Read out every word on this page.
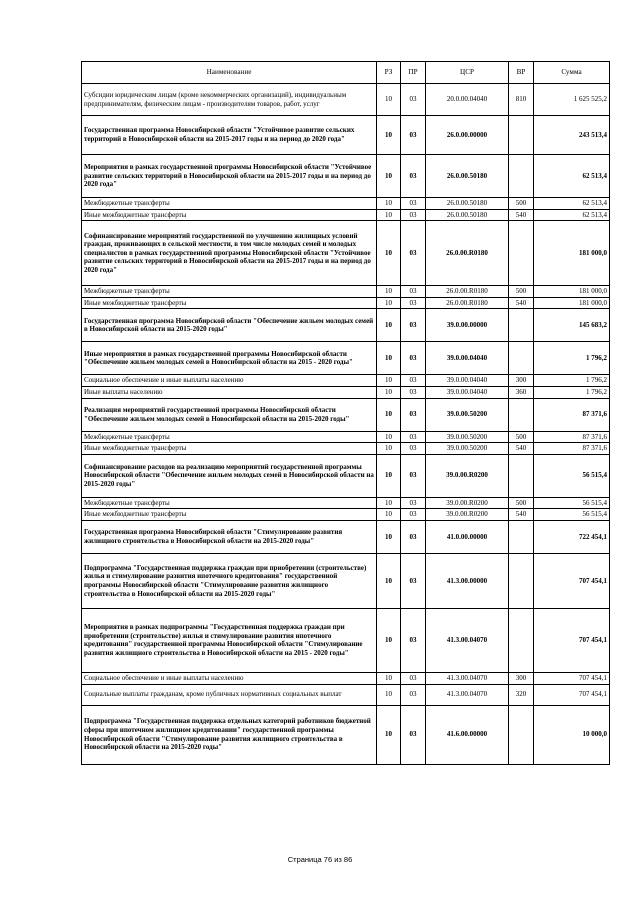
Наименование	РЗ	ПР	ЦСР	ВР	Сумма
Субсидии юридическим лицам (кроме некоммерческих организаций), индивидуальным предпринимателям, физическим лицам - производителям товаров, работ, услуг	10	03	20.0.00.04040	810	1 625 525,2
Государственная программа Новосибирской области "Устойчивое развитие сельских территорий в Новосибирской области на 2015-2017 годы и на период до 2020 года"	10	03	26.0.00.00000		243 513,4
Мероприятия в рамках государственной программы Новосибирской области "Устойчивое развитие сельских территорий в Новосибирской области на 2015-2017 годы и на период до 2020 года"	10	03	26.0.00.50180		62 513,4
Межбюджетные трансферты	10	03	26.0.00.50180	500	62 513,4
Иные межбюджетные трансферты	10	03	26.0.00.50180	540	62 513,4
Софинансирование мероприятий государственной по улучшению жилищных условий граждан, проживающих в сельской местности, в том числе молодых семей и молодых специалистов в рамках государственной программы Новосибирской области "Устойчивое развитие сельских территорий в Новосибирской области на 2015-2017 годы и на период до 2020 года"	10	03	26.0.00.R0180		181 000,0
Межбюджетные трансферты	10	03	26.0.00.R0180	500	181 000,0
Иные межбюджетные трансферты	10	03	26.0.00.R0180	540	181 000,0
Государственная программа Новосибирской области "Обеспечение жильем молодых семей в Новосибирской области на 2015-2020 годы"	10	03	39.0.00.00000		145 683,2
Иные мероприятия в рамках государственной программы Новосибирской области "Обеспечение жильем молодых семей в Новосибирской области на 2015 - 2020 годы"	10	03	39.0.00.04040		1 796,2
Социальное обеспечение и иные выплаты населению	10	03	39.0.00.04040	300	1 796,2
Иные выплаты населению	10	03	39.0.00.04040	360	1 796,2
Реализация мероприятий государственной программы Новосибирской области "Обеспечение жильем молодых семей в Новосибирской области на 2015-2020 годы"	10	03	39.0.00.50200		87 371,6
Межбюджетные трансферты	10	03	39.0.00.50200	500	87 371,6
Иные межбюджетные трансферты	10	03	39.0.00.50200	540	87 371,6
Софинансирование расходов на реализацию мероприятий государственной программы Новосибирской области "Обеспечение жильем молодых семей в Новосибирской области на 2015-2020 годы"	10	03	39.0.00.R0200		56 515,4
Межбюджетные трансферты	10	03	39.0.00.R0200	500	56 515,4
Иные межбюджетные трансферты	10	03	39.0.00.R0200	540	56 515,4
Государственная программа Новосибирской области "Стимулирование развития жилищного строительства в Новосибирской области на 2015-2020 годы"	10	03	41.0.00.00000		722 454,1
Подпрограмма "Государственная поддержка граждан при приобретении (строительстве) жилья и стимулирование развития ипотечного кредитования" государственной программы Новосибирской области "Стимулирование развития жилищного строительства в Новосибирской области на 2015-2020 годы"	10	03	41.3.00.00000		707 454,1
Мероприятия в рамках подпрограммы "Государственная поддержка граждан при приобретении (строительстве) жилья и стимулирование развития ипотечного кредитования" государственной программы Новосибирской области "Стимулирование развития жилищного строительства в Новосибирской области на 2015 - 2020 годы"	10	03	41.3.00.04070		707 454,1
Социальное обеспечение и иные выплаты населению	10	03	41.3.00.04070	300	707 454,1
Социальные выплаты гражданам, кроме публичных нормативных социальных выплат	10	03	41.3.00.04070	320	707 454,1
Подпрограмма "Государственная поддержка отдельных категорий работников бюджетной сферы при ипотечном жилищном кредитовании" государственной программы Новосибирской области "Стимулирование развития жилищного строительства в Новосибирской области на 2015-2020 годы"	10	03	41.6.00.00000		10 000,0
Страница 76 из 86
